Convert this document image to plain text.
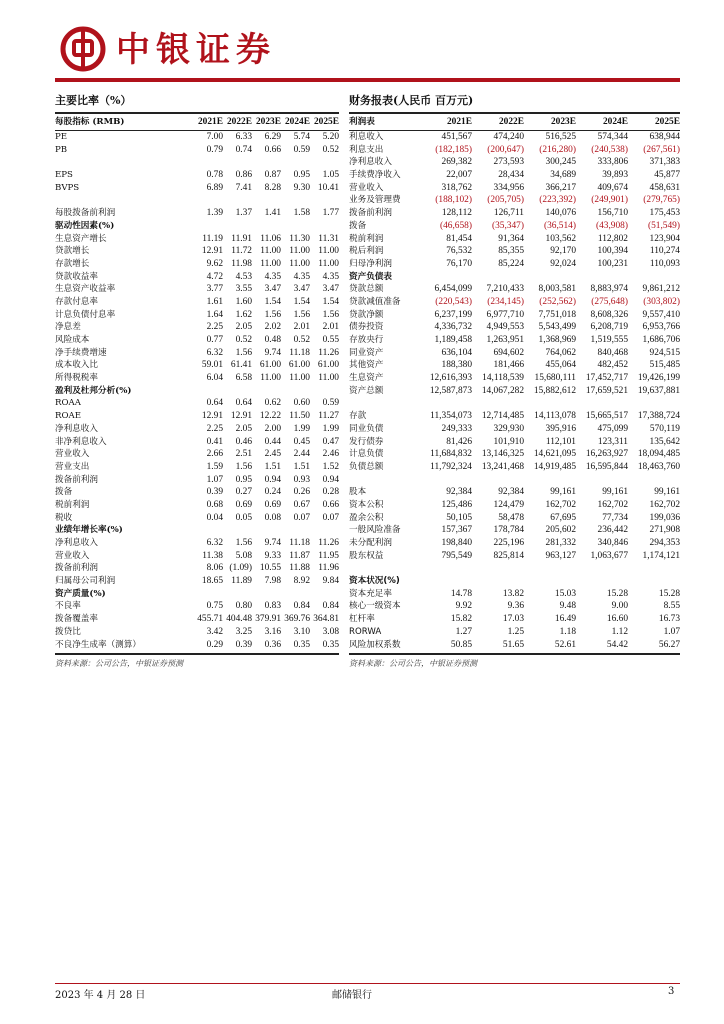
中银证券
主要比率（%）
每股指标 (RMB)	2021E 2022E 2023E 2024E 2025E
PE	7.00	6.33	6.29	5.74	5.20
PB	0.79	0.74	0.66	0.59	0.52
EPS	0.78	0.86	0.87	0.95	1.05
BVPS	6.89	7.41	8.28	9.30 10.41
每股拨备前利润	1.39	1.37	1.41	1.58	1.77
驱动性因素(%)
生息资产增长	11.19 11.91 11.06 11.30 11.31
贷款增长	12.91 11.72 11.00 11.00 11.00
存款增长	9.62 11.98 11.00 11.00 11.00
贷款收益率	4.72	4.53	4.35	4.35	4.35
生息资产收益率	3.77	3.55	3.47	3.47	3.47
存款付息率	1.61	1.60	1.54	1.54	1.54
计息负债付息率	1.64	1.62	1.56	1.56	1.56
净息差	2.25	2.05	2.02	2.01	2.01
风险成本	0.77	0.52	0.48	0.52	0.55
净手续费增速	6.32	1.56	9.74 11.18 11.26
成本收入比	59.01 61.41 61.00 61.00 61.00
所得税税率	6.04	6.58 11.00 11.00 11.00
盈利及杜邦分析(%)
ROAA	0.64	0.64	0.62	0.60	0.59
ROAE	12.91 12.91 12.22 11.50 11.27
净利息收入	2.25	2.05	2.00	1.99	1.99
非净利息收入	0.41	0.46	0.44	0.45	0.47
营业收入	2.66	2.51	2.45	2.44	2.46
营业支出	1.59	1.56	1.51	1.51	1.52
拨备前利润	1.07	0.95	0.94	0.93	0.94
拨备	0.39	0.27	0.24	0.26	0.28
税前利润	0.68	0.69	0.69	0.67	0.66
税收	0.04	0.05	0.08	0.07	0.07
业绩年增长率(%)
净利息收入	6.32	1.56	9.74 11.18 11.26
营业收入	11.38	5.08	9.33 11.87 11.95
拨备前利润	8.06 (1.09) 10.55 11.88 11.96
归属母公司利润	18.65 11.89	7.98	8.92	9.84
资产质量(%)
不良率	0.75	0.80	0.83	0.84	0.84
拨备覆盖率	455.71 404.48 379.91 369.76 364.81
拨贷比	3.42	3.25	3.16	3.10	3.08
不良净生成率（测算）	0.29	0.39	0.36	0.35	0.35
资料来源：公司公告，中银证券预测
财务报表(人民币 百万元)
利润表	2021E	2022E	2023E	2024E	2025E
利息收入	451,567	474,240	516,525	574,344	638,944
利息支出	(182,185)	(200,647)	(216,280)	(240,538)	(267,561)
净利息收入	269,382	273,593	300,245	333,806	371,383
手续费净收入	22,007	28,434	34,689	39,893	45,877
营业收入	318,762	334,956	366,217	409,674	458,631
业务及管理费	(188,102)	(205,705)	(223,392)	(249,901)	(279,765)
拨备前利润	128,112	126,711	140,076	156,710	175,453
拨备	(46,658)	(35,347)	(36,514)	(43,908)	(51,549)
税前利润	81,454	91,364	103,562	112,802	123,904
税后利润	76,532	85,355	92,170	100,394	110,274
归母净利润	76,170	85,224	92,024	100,231	110,093
资产负债表
贷款总额	6,454,099	7,210,433	8,003,581	8,883,974	9,861,212
贷款减值准备	(220,543)	(234,145)	(252,562)	(275,648)	(303,802)
贷款净额	6,237,199	6,977,710	7,751,018	8,608,326	9,557,410
债券投资	4,336,732	4,949,553	5,543,499	6,208,719	6,953,766
存放央行	1,189,458	1,263,951	1,368,969	1,519,555	1,686,706
同业资产	636,104	694,602	764,062	840,468	924,515
其他资产	188,380	181,466	455,064	482,452	515,485
生息资产	12,616,393	14,118,539	15,680,111	17,452,717	19,426,199
资产总额	12,587,873	14,067,282	15,882,612	17,659,521	19,637,881
存款	11,354,073	12,714,485	14,113,078	15,665,517	17,388,724
同业负债	249,333	329,930	395,916	475,099	570,119
发行债券	81,426	101,910	112,101	123,311	135,642
计息负债	11,684,832	13,146,325	14,621,095	16,263,927	18,094,485
负债总额	11,792,324	13,241,468	14,919,485	16,595,844	18,463,760
股本	92,384	92,384	99,161	99,161	99,161
资本公积	125,486	124,479	162,702	162,702	162,702
盈余公积	50,105	58,478	67,695	77,734	199,036
一般风险准备	157,367	178,784	205,602	236,442	271,908
未分配利润	198,840	225,196	281,332	340,846	294,353
股东权益	795,549	825,814	963,127	1,063,677	1,174,121
资本状况(%)
资本充足率	14.78	13.82	15.03	15.28	15.28
核心一级资本	9.92	9.36	9.48	9.00	8.55
杠杆率	15.82	17.03	16.49	16.60	16.73
RORWA	1.27	1.25	1.18	1.12	1.07
风险加权系数	50.85	51.65	52.61	54.42	56.27
资料来源：公司公告，中银证券预测
2023 年 4 月 28 日	邮储银行	3
